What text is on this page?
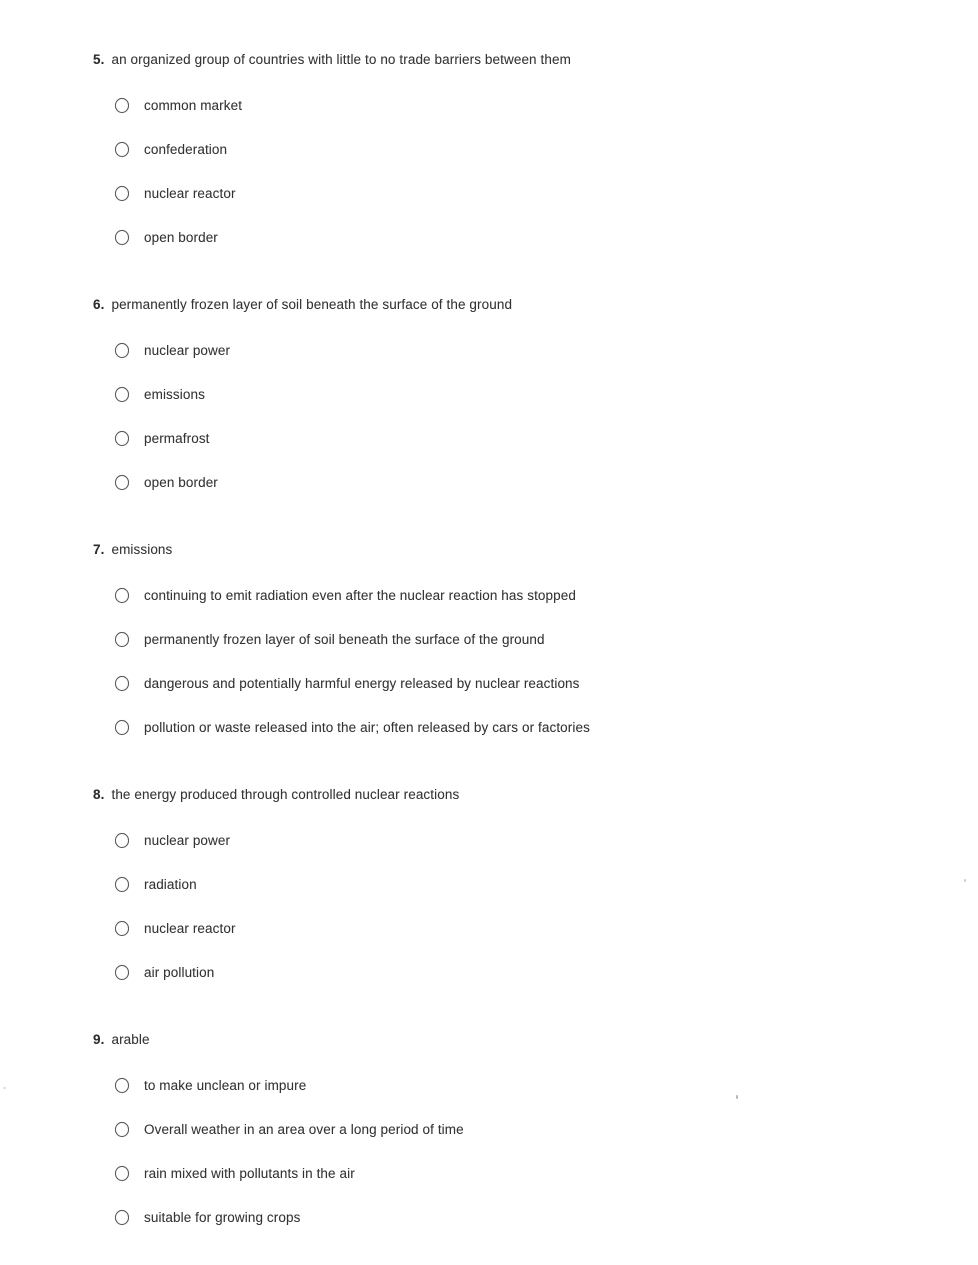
5. an organized group of countries with little to no trade barriers between them
common market
confederation
nuclear reactor
open border
6. permanently frozen layer of soil beneath the surface of the ground
nuclear power
emissions
permafrost
open border
7. emissions
continuing to emit radiation even after the nuclear reaction has stopped
permanently frozen layer of soil beneath the surface of the ground
dangerous and potentially harmful energy released by nuclear reactions
pollution or waste released into the air; often released by cars or factories
8. the energy produced through controlled nuclear reactions
nuclear power
radiation
nuclear reactor
air pollution
9. arable
to make unclean or impure
Overall weather in an area over a long period of time
rain mixed with pollutants in the air
suitable for growing crops
